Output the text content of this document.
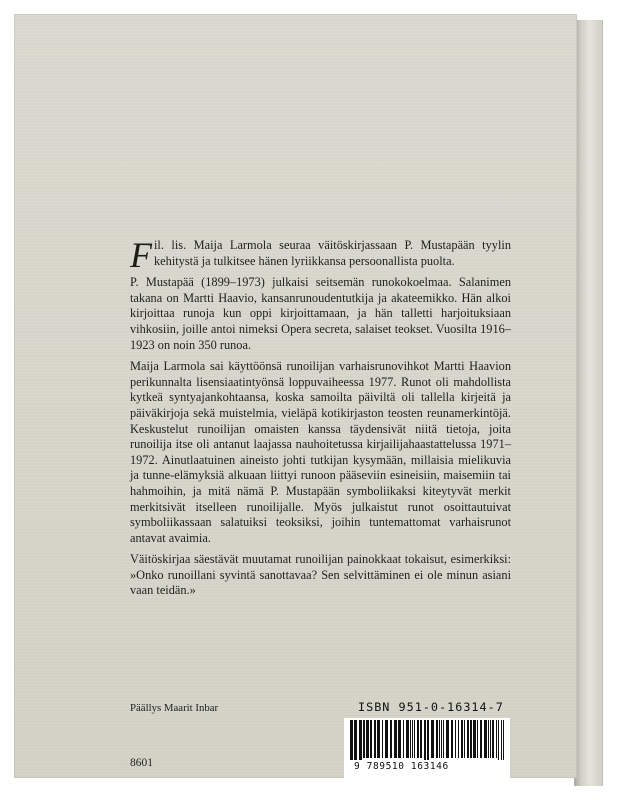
Fil. lis. Maija Larmola seuraa väitöskirjassaan P. Mustapään tyylin kehitystä ja tulkitsee hänen lyriikkansa persoonallista puolta.

P. Mustapää (1899–1973) julkaisi seitsemän runokokoelmaa. Salanimen takana on Martti Haavio, kansanrunoudentutkija ja akateemikko. Hän alkoi kirjoittaa runoja kun oppi kirjoittamaan, ja hän talletti harjoituksiaan vihkosiin, joille antoi nimeksi Opera secreta, salaiset teokset. Vuosilta 1916–1923 on noin 350 runoa.

Maija Larmola sai käyttöönsä runoilijan varhaisrunovihkot Martti Haavion perikunnalta lisensiaatintyönsä loppuvaiheessa 1977. Runot oli mahdollista kytkeä syntyajankohtaansa, koska samoilta päiviltä oli tallella kirjeitä ja päiväkirjoja sekä muistelmia, vieläpä kotikirjaston teosten reunamerkintöjä. Keskustelut runoilijan omaisten kanssa täydensivät niitä tietoja, joita runoilija itse oli antanut laajassa nauhoitetussa kirjailijahaastattelussa 1971–1972. Ainutlaatuinen aineisto johti tutkijan kysymään, millaisia mielikuvia ja tunne-elämyksiä alkuaan liittyi runoon pääseviin esineisiin, maisemiin tai hahmoihin, ja mitä nämä P. Mustapään symboliikaksi kiteytyvät merkit merkitsivät itselleen runoilijalle. Myös julkaistut runot osoittautuivat symboliikassaan salatuiksi teoksiksi, joihin tuntemattomat varhaisrunot antavat avaimia.

Väitöskirjaa säestävät muutamat runoilijan painokkaat tokaisut, esimerkiksi: »Onko runoillani syvintä sanottavaa? Sen selvittäminen ei ole minun asiani vaan teidän.»

Päällys Maarit Inbar
8601
ISBN 951-0-16314-7
9 789510 163146
